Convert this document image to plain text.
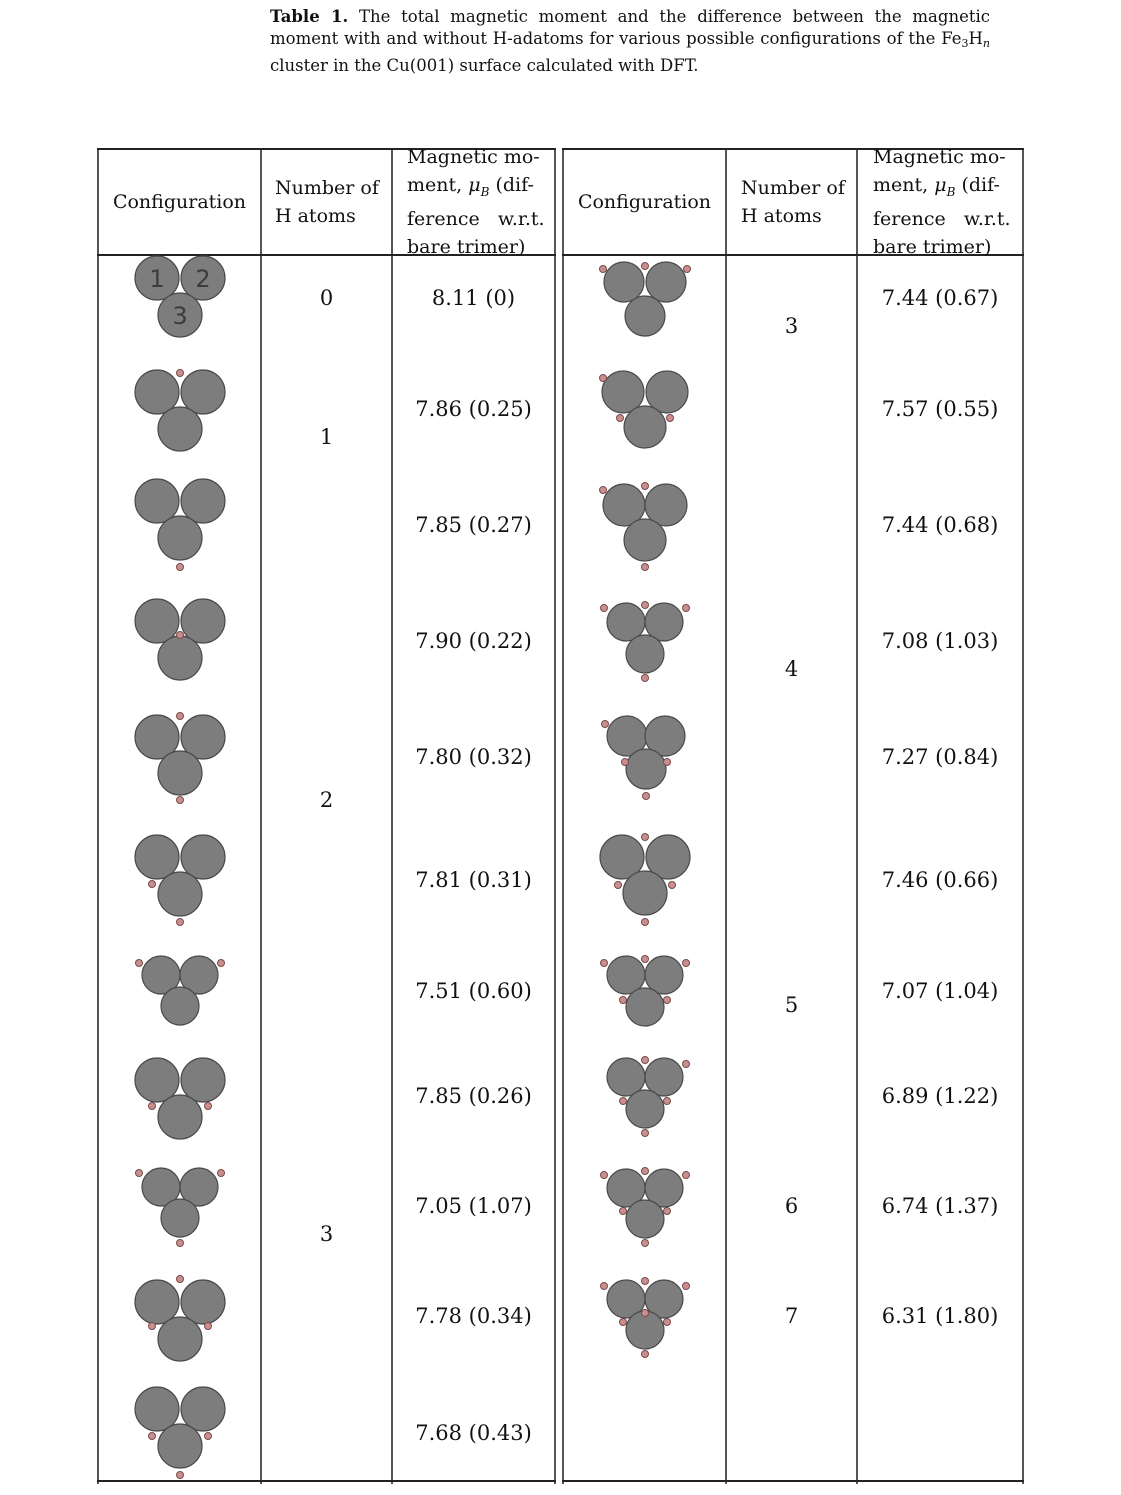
Table 1. The total magnetic moment and the difference between the magnetic moment with and without H-adatoms for various possible configurations of the $Fe_3H_n$ cluster in the Cu(001) surface calculated with DFT.
Configuration
Number of
H atoms
Magnetic mo-
ment, $\mu_B$ (dif-
ference   w.r.t.
bare trimer)
Configuration
Number of
H atoms
Magnetic mo-
ment, $\mu_B$ (dif-
ference   w.r.t.
bare trimer)
0
1
2
3
8.11 (0)
7.86 (0.25)
7.85 (0.27)
7.90 (0.22)
7.80 (0.32)
7.81 (0.31)
7.51 (0.60)
7.85 (0.26)
7.05 (1.07)
7.78 (0.34)
7.68 (0.43)
3
4
5
6
7
7.44 (0.67)
7.57 (0.55)
7.44 (0.68)
7.08 (1.03)
7.27 (0.84)
7.46 (0.66)
7.07 (1.04)
6.89 (1.22)
6.74 (1.37)
6.31 (1.80)
1 2
3
